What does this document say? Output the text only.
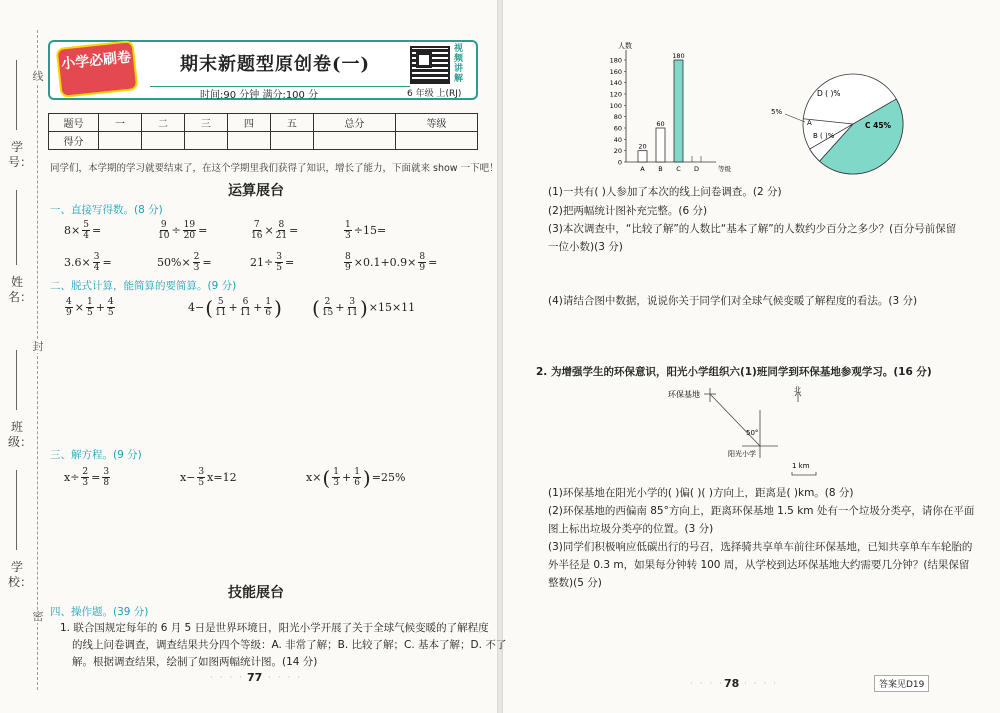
线
封
密
学号：
姓名：
班级：
学校：
小学必刷卷	期末新题型原创卷(一)
时间:90 分钟 满分:100 分	6 年级 上(RJ)
视频讲解
题号	一	二	三	四	五	总分	等级
得分							
同学们，本学期的学习就要结束了，在这个学期里我们获得了知识，增长了能力，下面就来 show 一下吧！
运算展台
一、直接写得数。(8 分)
$8\times \frac{5}{4}$ =	$\frac{9}{10} \div \frac{19}{20}$ =	$\frac{7}{16} \times \frac{8}{21}$ =	$\frac{1}{3} \div 15=$
$3.6\times \frac{3}{4}$ =	$50\%\times \frac{2}{3}$ =	$21\div \frac{3}{5}$ =	$\frac{8}{9} \times 0.1+0.9\times \frac{8}{9}$ =
二、脱式计算，能简算的要简算。(9 分)
$\frac{4}{9} \times \frac{1}{5} + \frac{4}{5}$	4− ( $\frac{5}{11} + \frac{6}{11} + \frac{1}{6}$ ) ( $\frac{2}{15} + \frac{3}{11}$ ) ×15×11
三、解方程。(9 分)
$x\div \frac{2}{3} = \frac{3}{8}$	$x- \frac{3}{5} x=12$	x× ( $\frac{1}{3} + \frac{1}{6}$ ) =25%
技能展台
四、操作题。(39 分)
1. 联合国规定每年的 6 月 5 日是世界环境日，阳光小学开展了关于全球气候变暖的了解程度
的线上问卷调查，调查结果共分四个等级：A. 非常了解；B. 比较了解；C. 基本了解；D. 不了
解。根据调查结果，绘制了如图两幅统计图。(14 分)
· · · · 77 · · · ·
人数
等级
0
20
40
60
80
100
120
140
160
180
A
20
B
60
C
180
D
C 45%
D ( )%
A
B ( )%
5%
(1)一共有( )人参加了本次的线上问卷调查。(2 分)
(2)把两幅统计图补充完整。(6 分)
(3)本次调查中，“比较了解”的人数比“基本了解”的人数约少百分之多少？(百分号前保留
一位小数)(3 分)
(4)请结合图中数据，说说你关于同学们对全球气候变暖了解程度的看法。(3 分)
2. 为增强学生的环保意识，阳光小学组织六(1)班同学到环保基地参观学习。(16 分)
环保基地
50°
阳光小学
北
1 km
(1)环保基地在阳光小学的( )偏( )( )方向上，距离是( )km。(8 分)
(2)环保基地的西偏南 85°方向上，距离环保基地 1.5 km 处有一个垃圾分类亭，请你在平面
图上标出垃圾分类亭的位置。(3 分)
(3)同学们积极响应低碳出行的号召，选择骑共享单车前往环保基地，已知共享单车车轮胎的
外半径是 0.3 m，如果每分钟转 100 周，从学校到达环保基地大约需要几分钟？(结果保留
整数)(5 分)
· · · · 78 · · · ·	答案见D19
